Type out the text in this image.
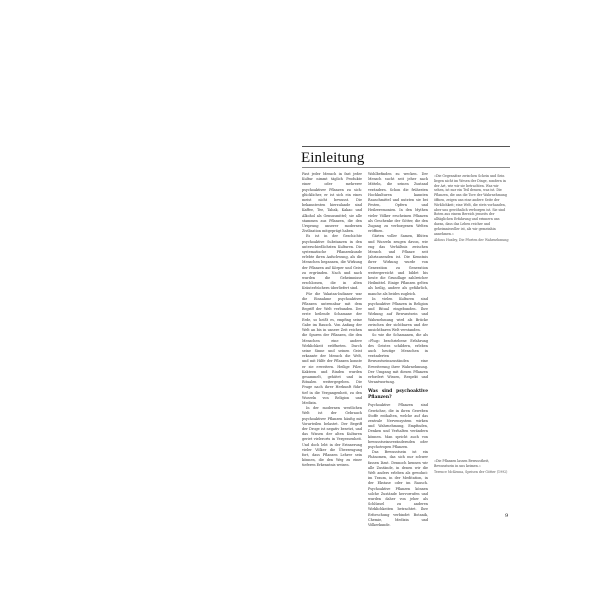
Einleitung

Fast jeder Mensch in fast jeder Kultur nimmt täglich Produkte einer oder mehrerer psychoaktiver Pflanzen zu sich: glücklicher, er ist sich ein eines meist nicht bewusst. Die bekanntesten hierzulande sind Kaffee, Tee, Tabak, Kakao und Alkohol als Genussmittel; sie alle stammen aus Pflanzen, die den Ursprung unserer modernen Zivilisation mitgeprägt haben.

Es ist in der Geschichte psychoaktive Substanzen in den unterschiedlichsten Kulturen. Die systematische Pflanzenkunde erlebte ihren Aufschwung, als die Menschen begannen, die Wirkung der Pflanzen auf Körper und Geist zu ergründen. Nach und nach wurden die Geheimnisse erschlossen, die in alten Kräuterbüchern überliefert sind.

Für die Yukatan-Indianer war die Einnahme psychoaktiver Pflanzen untrennbar mit dem Begriff der Welt verbunden. Der erste heilende Schamane der Erde, so heißt es, empfing seine Gabe im Rausch. Von Anfang der Welt an bis in unsere Zeit reichen die Spuren der Pflanzen, die den Menschen eine andere Wirklichkeit eröffneten. Durch seine Sinne und seinen Geist erkannte der Mensch die Welt, und mit Hilfe der Pflanzen konnte er sie erweitern. Heilige Pilze, Kakteen und Rinden wurden gesammelt, gehütet und in Ritualen weitergegeben. Die Frage nach ihrer Herkunft führt tief in die Vergangenheit, zu den Wurzeln von Religion und Medizin.

In der modernen westlichen Welt ist der Gebrauch psychoaktiver Pflanzen häufig mit Vorurteilen belastet. Der Begriff der Droge ist negativ besetzt, und das Wissen der alten Kulturen geriet vielerorts in Vergessenheit. Und doch lebt in der Erinnerung vieler Völker die Überzeugung fort, dass Pflanzen Lehrer sein können, die den Weg zu einer tieferen Erkenntnis weisen.

Wohlbefinden zu wecken. Der Mensch sucht seit jeher nach Mitteln, die seinen Zustand verändern. Schon die frühesten Hochkulturen kannten Rauschmittel und nutzten sie bei Festen, Opfern und Heilzeremonien. In den Mythen vieler Völker erscheinen Pflanzen als Geschenke der Götter, die den Zugang zu verborgenen Welten eröffnen.

Gärten voller Samen, Blüten und Wurzeln zeugen davon, wie eng das Verhältnis zwischen Mensch und Pflanze seit Jahrtausenden ist. Die Kenntnis ihrer Wirkung wurde von Generation zu Generation weitergereicht und bildet bis heute die Grundlage zahlreicher Heilmittel. Einige Pflanzen gelten als heilig, andere als gefährlich, manche als beides zugleich.

In vielen Kulturen sind psychoaktive Pflanzen in Religion und Ritual eingebunden. Ihre Wirkung auf Bewusstsein und Wahrnehmung wird als Brücke zwischen der sichtbaren und der unsichtbaren Welt verstanden.

So wie die Schamanen, die als »Flug« beschriebene Erfahrung des Geistes schildern, erleben auch heutige Menschen in veränderten Bewusstseinszuständen eine Erweiterung ihrer Wahrnehmung. Der Umgang mit diesen Pflanzen erfordert Wissen, Respekt und Verantwortung.

Was sind psychoaktive Pflanzen?

Psychoaktive Pflanzen sind Gewächse, die in ihren Geweben Stoffe enthalten, welche auf das zentrale Nervensystem wirken und Wahrnehmung, Empfinden, Denken und Verhalten verändern können. Man spricht auch von bewusstseinsverändernden oder psychotropen Pflanzen.

Das Bewusstsein ist ein Phänomen, das sich nur schwer fassen lässt. Dennoch kennen wir alle Zustände, in denen wir die Welt anders erleben als gewohnt: im Traum, in der Meditation, in der Ekstase oder im Rausch. Psychoaktive Pflanzen können solche Zustände hervorrufen und wurden daher von jeher als Schlüssel zu anderen Wirklichkeiten betrachtet. Ihre Erforschung verbindet Botanik, Chemie, Medizin und Völkerkunde.

»Die Gegensätze zwischen Schein und Sein liegen nicht im Wesen der Dinge, sondern in der Art, wie wir sie betrachten. Was wir sehen, ist nur ein Teil dessen, was ist. Die Pflanzen, die uns die Tore der Wahrnehmung öffnen, zeigen uns eine andere Seite der Wirklichkeit; eine Welt, die stets vorhanden, aber uns gewöhnlich verborgen ist. Sie sind Boten aus einem Bereich jenseits der alltäglichen Erfahrung und erinnern uns daran, dass das Leben reicher und geheimnisvoller ist, als wir gemeinhin annehmen.«
Aldous Huxley, Die Pforten der Wahrnehmung
»Die Pflanzen lassen Bewusstheit, Bewusstsein in uns keimen.«
Terence McKenna, Speisen der Götter (1992)
9
